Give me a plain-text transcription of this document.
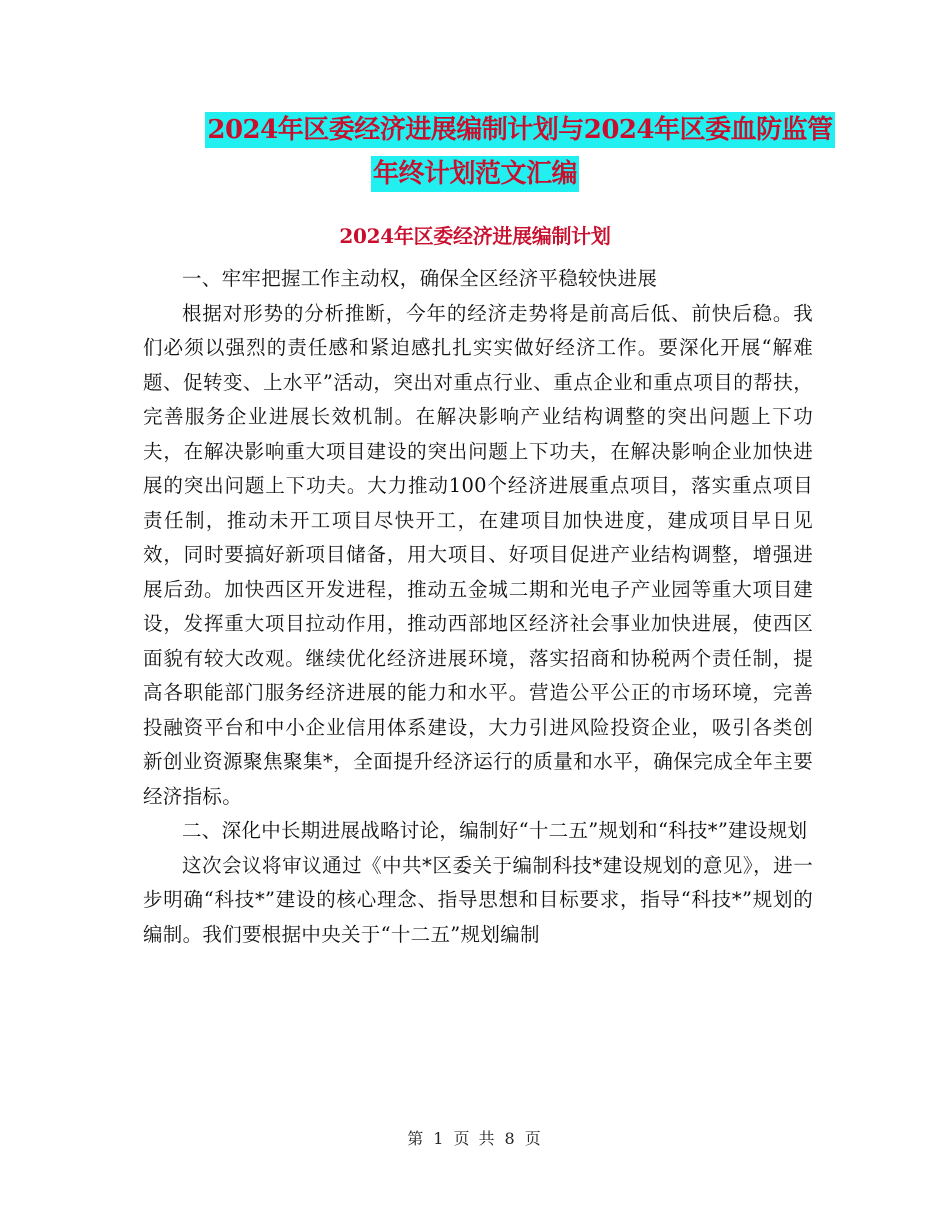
2024年区委经济进展编制计划与2024年区委血防监管
年终计划范文汇编
2024年区委经济进展编制计划

一、牢牢把握工作主动权，确保全区经济平稳较快进展

根据对形势的分析推断，今年的经济走势将是前高后低、前快后稳。我们必须以强烈的责任感和紧迫感扎扎实实做好经济工作。要深化开展“解难题、促转变、上水平”活动，突出对重点行业、重点企业和重点项目的帮扶，完善服务企业进展长效机制。在解决影响产业结构调整的突出问题上下功夫，在解决影响重大项目建设的突出问题上下功夫，在解决影响企业加快进展的突出问题上下功夫。大力推动100个经济进展重点项目，落实重点项目责任制，推动未开工项目尽快开工，在建项目加快进度，建成项目早日见效，同时要搞好新项目储备，用大项目、好项目促进产业结构调整，增强进展后劲。加快西区开发进程，推动五金城二期和光电子产业园等重大项目建设，发挥重大项目拉动作用，推动西部地区经济社会事业加快进展，使西区面貌有较大改观。继续优化经济进展环境，落实招商和协税两个责任制，提高各职能部门服务经济进展的能力和水平。营造公平公正的市场环境，完善投融资平台和中小企业信用体系建设，大力引进风险投资企业，吸引各类创新创业资源聚焦聚集*，全面提升经济运行的质量和水平，确保完成全年主要经济指标。

二、深化中长期进展战略讨论，编制好“十二五”规划和“科技*”建设规划

这次会议将审议通过《中共*区委关于编制科技*建设规划的意见》，进一步明确“科技*”建设的核心理念、指导思想和目标要求，指导“科技*”规划的编制。我们要根据中央关于“十二五”规划编制

第 1 页 共 8 页
